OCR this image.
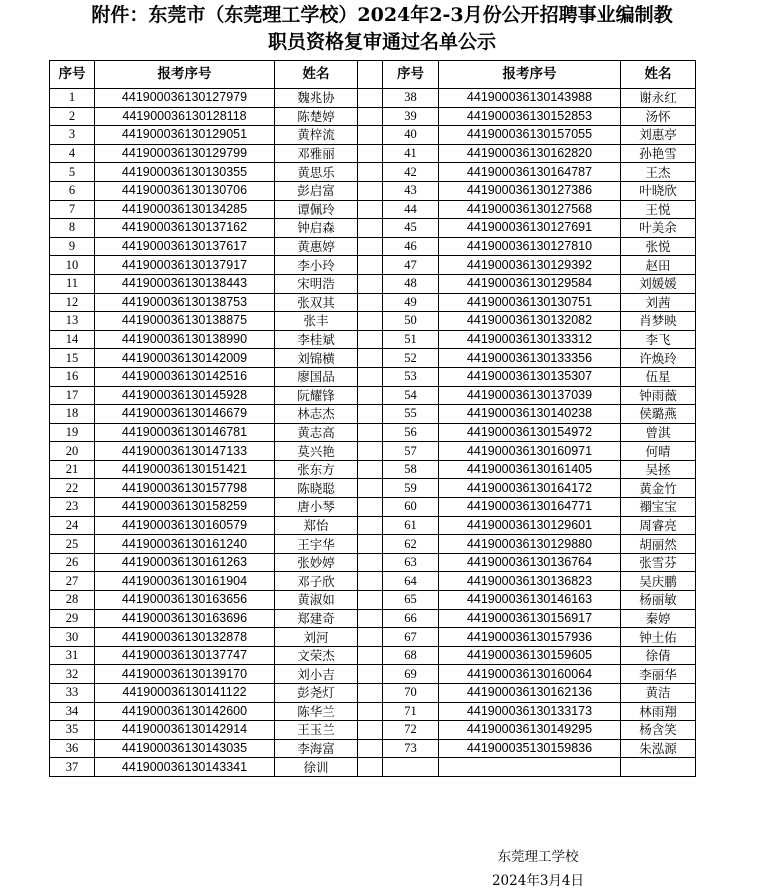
附件：东莞市（东莞理工学校）2024年2-3月份公开招聘事业编制教
职员资格复审通过名单公示
序号	报考序号	姓名		序号	报考序号	姓名
1	441900036130127979	魏兆协		38	441900036130143988	谢永红
2	441900036130128118	陈楚婷		39	441900036130152853	汤怀
3	441900036130129051	黄梓流		40	441900036130157055	刘惠亭
4	441900036130129799	邓雅丽		41	441900036130162820	孙艳雪
5	441900036130130355	黄思乐		42	441900036130164787	王杰
6	441900036130130706	彭启富		43	441900036130127386	叶晓欣
7	441900036130134285	谭佩玲		44	441900036130127568	王悦
8	441900036130137162	钟启森		45	441900036130127691	叶美余
9	441900036130137617	黄惠婷		46	441900036130127810	张悦
10	441900036130137917	李小玲		47	441900036130129392	赵田
11	441900036130138443	宋明浩		48	441900036130129584	刘媛媛
12	441900036130138753	张双其		49	441900036130130751	刘茜
13	441900036130138875	张丰		50	441900036130132082	肖梦映
14	441900036130138990	李桂斌		51	441900036130133312	李飞
15	441900036130142009	刘锦横		52	441900036130133356	许焕玲
16	441900036130142516	廖国品		53	441900036130135307	伍星
17	441900036130145928	阮耀锋		54	441900036130137039	钟雨薇
18	441900036130146679	林志杰		55	441900036130140238	侯璐燕
19	441900036130146781	黄志高		56	441900036130154972	曾淇
20	441900036130147133	莫兴艳		57	441900036130160971	何晴
21	441900036130151421	张东方		58	441900036130161405	吴拯
22	441900036130157798	陈晓聪		59	441900036130164172	黄金竹
23	441900036130158259	唐小琴		60	441900036130164771	禤宝宝
24	441900036130160579	郑怡		61	441900036130129601	周睿亮
25	441900036130161240	王宇华		62	441900036130129880	胡丽然
26	441900036130161263	张妙婷		63	441900036130136764	张雪芬
27	441900036130161904	邓子欣		64	441900036130136823	吴庆鹏
28	441900036130163656	黄淑如		65	441900036130146163	杨丽敏
29	441900036130163696	郑建奇		66	441900036130156917	秦婷
30	441900036130132878	刘河		67	441900036130157936	钟土佑
31	441900036130137747	文荣杰		68	441900036130159605	徐倩
32	441900036130139170	刘小吉		69	441900036130160064	李丽华
33	441900036130141122	彭尧灯		70	441900036130162136	黄洁
34	441900036130142600	陈华兰		71	441900036130133173	林雨翔
35	441900036130142914	王玉兰		72	441900036130149295	杨含笑
36	441900036130143035	李海富		73	441900035130159836	朱泓源
37	441900036130143341	徐训				
东莞理工学校
2024年3月4日
